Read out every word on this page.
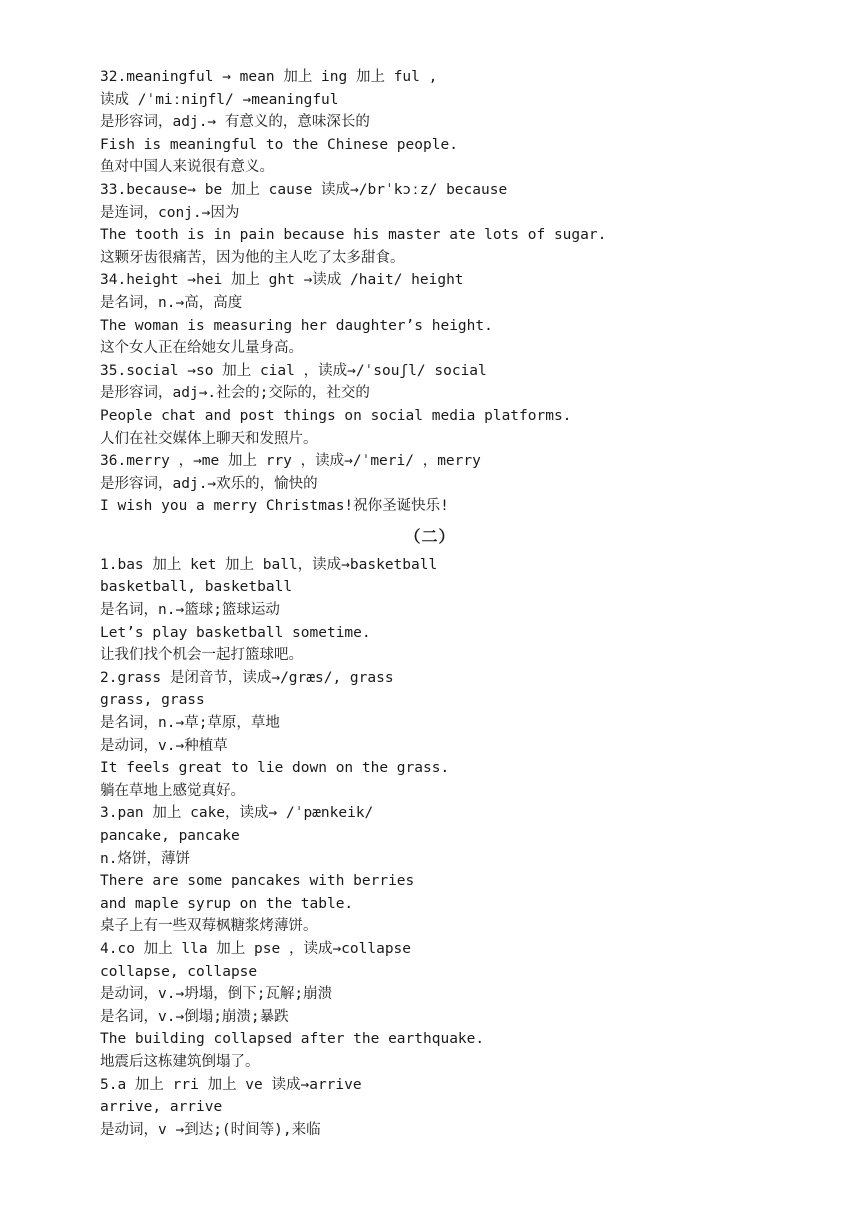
32.meaningful → mean 加上 ing 加上 ful ,
读成 /ˈmiːniŋfl/ →meaningful
是形容词，adj.→ 有意义的，意味深长的
Fish is meaningful to the Chinese people.
鱼对中国人来说很有意义。
33.because→ be 加上 cause 读成→/brˈkɔːz/ because
是连词，conj.→因为
The tooth is in pain because his master ate lots of sugar.
这颗牙齿很痛苦，因为他的主人吃了太多甜食。
34.height →hei 加上 ght →读成 /hait/ height
是名词，n.→高，高度
The woman is measuring her daughter’s height.
这个女人正在给她女儿量身高。
35.social →so 加上 cial ，读成→/ˈsouʃl/ social
是形容词，adj→.社会的;交际的，社交的
People chat and post things on social media platforms.
人们在社交媒体上聊天和发照片。
36.merry ，→me 加上 rry ，读成→/ˈmeri/ ，merry
是形容词，adj.→欢乐的，愉快的
I wish you a merry Christmas!祝你圣诞快乐!
（二）
1.bas 加上 ket 加上 ball，读成→basketball
basketball, basketball
是名词，n.→篮球;篮球运动
Let’s play basketball sometime.
让我们找个机会一起打篮球吧。
2.grass 是闭音节，读成→/græs/, grass
grass, grass
是名词，n.→草;草原，草地
是动词，v.→种植草
It feels great to lie down on the grass.
躺在草地上感觉真好。
3.pan 加上 cake，读成→ /ˈpænkeik/
pancake, pancake
n.烙饼，薄饼
There are some pancakes with berries
and maple syrup on the table.
桌子上有一些双莓枫糖浆烤薄饼。
4.co 加上 lla 加上 pse ，读成→collapse
collapse, collapse
是动词，v.→坍塌，倒下;瓦解;崩溃
是名词，v.→倒塌;崩溃;暴跌
The building collapsed after the earthquake.
地震后这栋建筑倒塌了。
5.a 加上 rri 加上 ve 读成→arrive
arrive, arrive
是动词，v →到达;(时间等),来临
